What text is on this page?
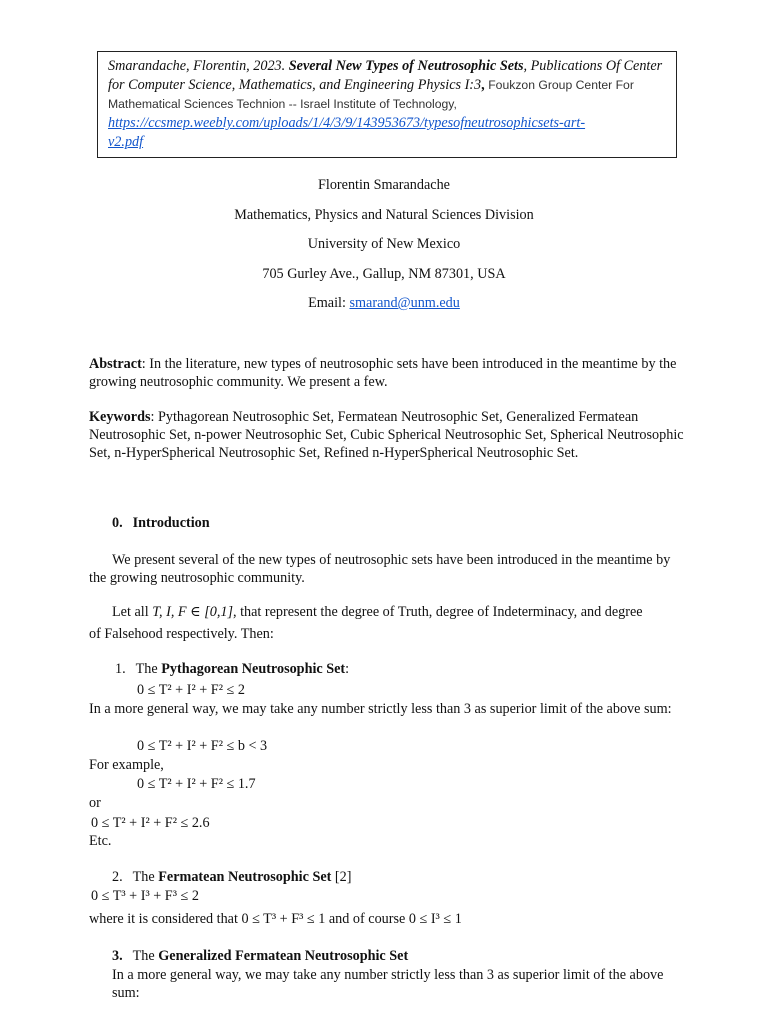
Smarandache, Florentin, 2023. Several New Types of Neutrosophic Sets, Publications Of Center for Computer Science, Mathematics, and Engineering Physics I:3, Foukzon Group Center For Mathematical Sciences Technion -- Israel Institute of Technology,
https://ccsmep.weebly.com/uploads/1/4/3/9/143953673/typesofneutrosophicsets-art-
v2.pdf
Florentin Smarandache
Mathematics, Physics and Natural Sciences Division
University of New Mexico
705 Gurley Ave., Gallup, NM 87301, USA
Email: smarand@unm.edu
Abstract: In the literature, new types of neutrosophic sets have been introduced in the meantime by the growing neutrosophic community. We present a few.
Keywords: Pythagorean Neutrosophic Set, Fermatean Neutrosophic Set, Generalized Fermatean Neutrosophic Set, n-power Neutrosophic Set, Cubic Spherical Neutrosophic Set, Spherical Neutrosophic Set, n-HyperSpherical Neutrosophic Set, Refined n-HyperSpherical Neutrosophic Set.
0. Introduction
We present several of the new types of neutrosophic sets have been introduced in the meantime by the growing neutrosophic community.
Let all T, I, F ∈ [0,1], that represent the degree of Truth, degree of Indeterminacy, and degree
of Falsehood respectively. Then:
1. The Pythagorean Neutrosophic Set:
0 ≤ T² + I² + F² ≤ 2
In a more general way, we may take any number strictly less than 3 as superior limit of the above sum:
0 ≤ T² + I² + F² ≤ b < 3
For example,
0 ≤ T² + I² + F² ≤ 1.7
or
0 ≤ T² + I² + F² ≤ 2.6
Etc.
2. The Fermatean Neutrosophic Set [2]
0 ≤ T³ + I³ + F³ ≤ 2
where it is considered that 0 ≤ T³ + F³ ≤ 1 and of course 0 ≤ I³ ≤ 1
3. The Generalized Fermatean Neutrosophic Set
In a more general way, we may take any number strictly less than 3 as superior limit of the above sum:
